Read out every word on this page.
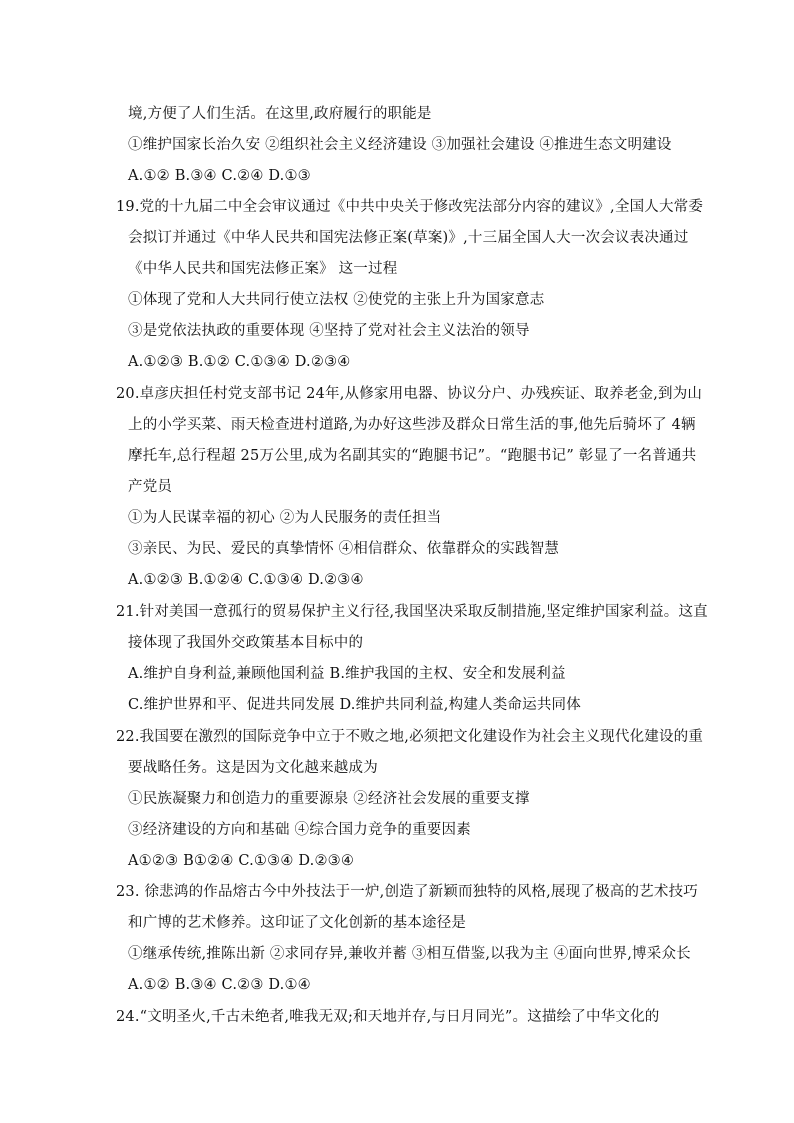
境,方便了人们生活。在这里,政府履行的职能是
①维护国家长治久安 ②组织社会主义经济建设 ③加强社会建设 ④推进生态文明建设
A.①② B.③④ C.②④ D.①③
19.党的十九届二中全会审议通过《中共中央关于修改宪法部分内容的建议》,全国人大常委
会拟订并通过《中华人民共和国宪法修正案(草案)》,十三届全国人大一次会议表决通过
《中华人民共和国宪法修正案》 这一过程
①体现了党和人大共同行使立法权 ②使党的主张上升为国家意志
③是党依法执政的重要体现 ④坚持了党对社会主义法治的领导
A.①②③ B.①② C.①③④ D.②③④
20.卓彦庆担任村党支部书记 24年,从修家用电器、协议分户、办残疾证、取养老金,到为山
上的小学买菜、雨天检查进村道路,为办好这些涉及群众日常生活的事,他先后骑坏了 4辆
摩托车,总行程超 25万公里,成为名副其实的“跑腿书记”。“跑腿书记” 彰显了一名普通共
产党员
①为人民谋幸福的初心 ②为人民服务的责任担当
③亲民、为民、爱民的真挚情怀 ④相信群众、依靠群众的实践智慧
A.①②③ B.①②④ C.①③④ D.②③④
21.针对美国一意孤行的贸易保护主义行径,我国坚决采取反制措施,坚定维护国家利益。这直
接体现了我国外交政策基本目标中的
A.维护自身利益,兼顾他国利益 B.维护我国的主权、安全和发展利益
C.维护世界和平、促进共同发展 D.维护共同利益,构建人类命运共同体
22.我国要在激烈的国际竞争中立于不败之地,必须把文化建设作为社会主义现代化建设的重
要战略任务。这是因为文化越来越成为
①民族凝聚力和创造力的重要源泉 ②经济社会发展的重要支撑
③经济建设的方向和基础 ④综合国力竞争的重要因素
A①②③ B①②④ C.①③④ D.②③④
23. 徐悲鸿的作品熔古今中外技法于一炉,创造了新颖而独特的风格,展现了极高的艺术技巧
和广博的艺术修养。这印证了文化创新的基本途径是
①继承传统,推陈出新 ②求同存异,兼收并蓄 ③相互借鉴,以我为主 ④面向世界,博采众长
A.①② B.③④ C.②③ D.①④
24.“文明圣火,千古未绝者,唯我无双;和天地并存,与日月同光”。这描绘了中华文化的
